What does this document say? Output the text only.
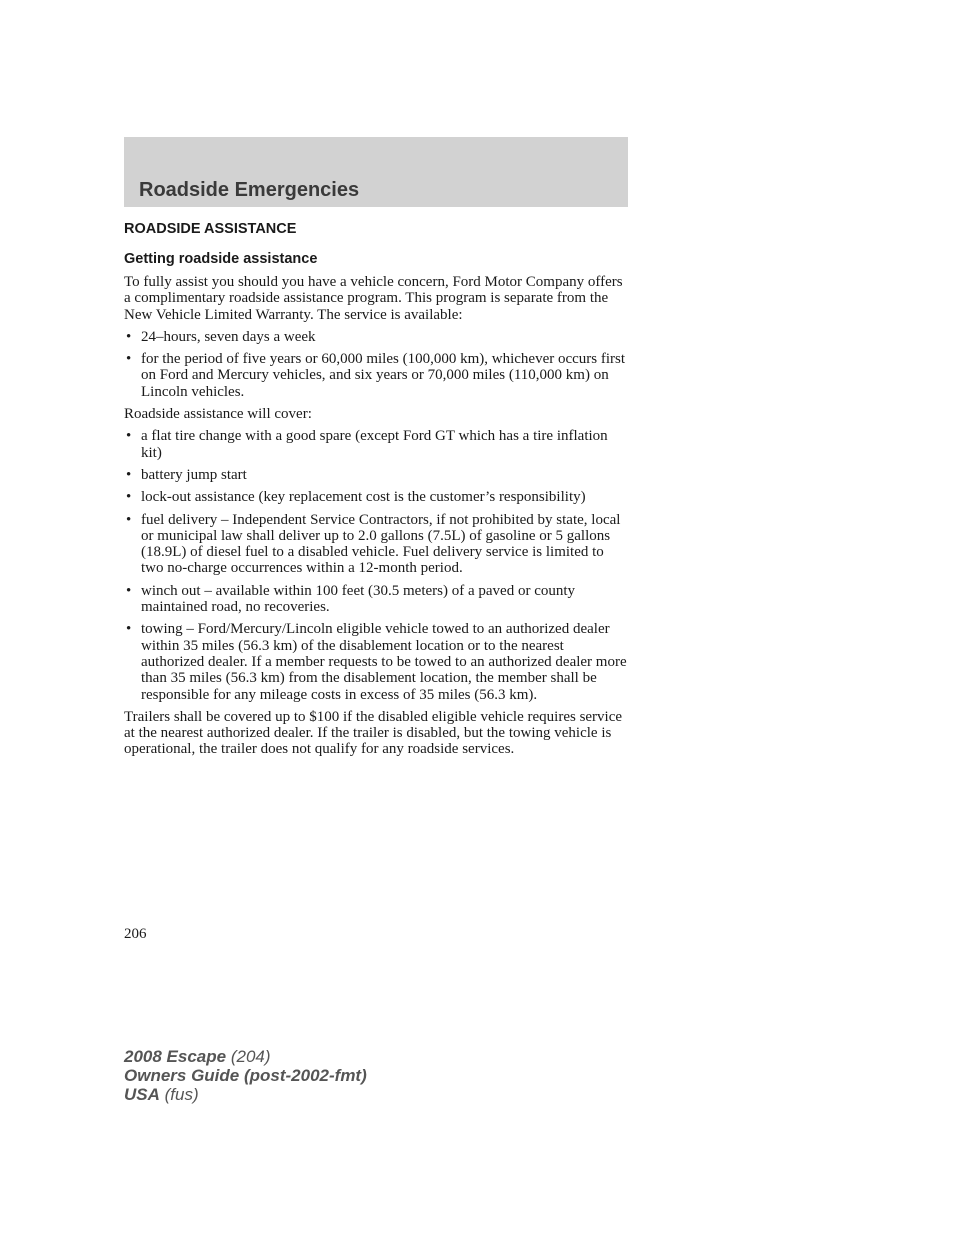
Roadside Emergencies
ROADSIDE ASSISTANCE
Getting roadside assistance

To fully assist you should you have a vehicle concern, Ford Motor Company offers a complimentary roadside assistance program. This program is separate from the New Vehicle Limited Warranty. The service is available:

• 24–hours, seven days a week
• for the period of five years or 60,000 miles (100,000 km), whichever occurs first on Ford and Mercury vehicles, and six years or 70,000 miles (110,000 km) on Lincoln vehicles.

Roadside assistance will cover:

• a flat tire change with a good spare (except Ford GT which has a tire inflation kit)
• battery jump start
• lock-out assistance (key replacement cost is the customer’s responsibility)
• fuel delivery – Independent Service Contractors, if not prohibited by state, local or municipal law shall deliver up to 2.0 gallons (7.5L) of gasoline or 5 gallons (18.9L) of diesel fuel to a disabled vehicle. Fuel delivery service is limited to two no-charge occurrences within a 12-month period.
• winch out – available within 100 feet (30.5 meters) of a paved or county maintained road, no recoveries.
• towing – Ford/Mercury/Lincoln eligible vehicle towed to an authorized dealer within 35 miles (56.3 km) of the disablement location or to the nearest authorized dealer. If a member requests to be towed to an authorized dealer more than 35 miles (56.3 km) from the disablement location, the member shall be responsible for any mileage costs in excess of 35 miles (56.3 km).

Trailers shall be covered up to $100 if the disabled eligible vehicle requires service at the nearest authorized dealer. If the trailer is disabled, but the towing vehicle is operational, the trailer does not qualify for any roadside services.

206
2008 Escape (204)
Owners Guide (post-2002-fmt)
USA (fus)
